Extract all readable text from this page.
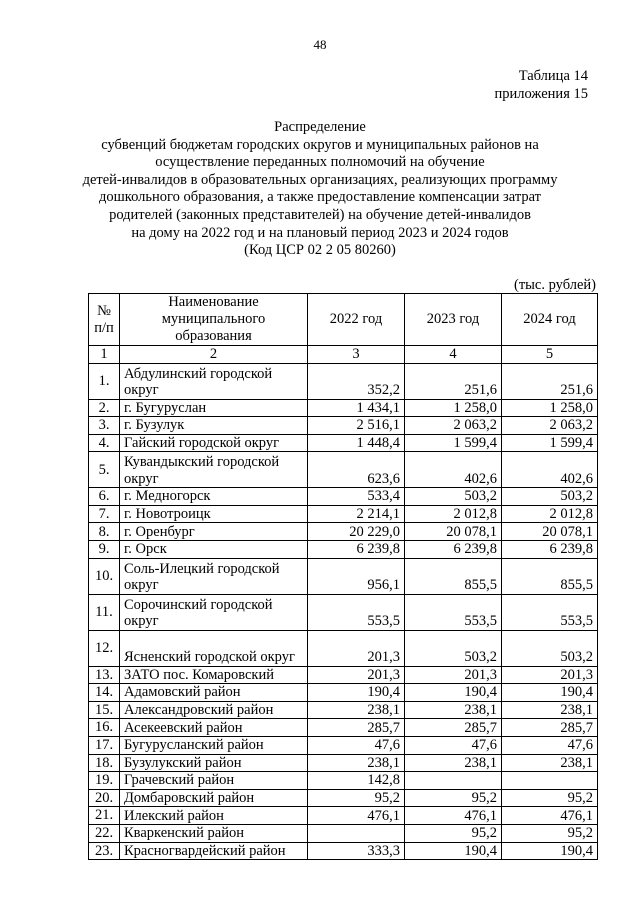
48
Таблица 14
приложения 15
Распределение
субвенций бюджетам городских округов и муниципальных районов на
осуществление переданных полномочий на обучение
детей-инвалидов в образовательных организациях, реализующих программу
дошкольного образования, а также предоставление компенсации затрат
родителей (законных представителей) на обучение детей-инвалидов
на дому на 2022 год и на плановый период 2023 и 2024 годов
(Код ЦСР 02 2 05 80260)
(тыс. рублей)
№ п/п	Наименование муниципального образования	2022 год	2023 год	2024 год
1	2	3	4	5
1.	Абдулинский городской округ	352,2	251,6	251,6
2.	г. Бугуруслан	1 434,1	1 258,0	1 258,0
3.	г. Бузулук	2 516,1	2 063,2	2 063,2
4.	Гайский городской округ	1 448,4	1 599,4	1 599,4
5.	Кувандыкский городской округ	623,6	402,6	402,6
6.	г. Медногорск	533,4	503,2	503,2
7.	г. Новотроицк	2 214,1	2 012,8	2 012,8
8.	г. Оренбург	20 229,0	20 078,1	20 078,1
9.	г. Орск	6 239,8	6 239,8	6 239,8
10.	Соль-Илецкий городской округ	956,1	855,5	855,5
11.	Сорочинский городской округ	553,5	553,5	553,5
12.	Ясненский городской округ	201,3	503,2	503,2
13.	ЗАТО пос. Комаровский	201,3	201,3	201,3
14.	Адамовский район	190,4	190,4	190,4
15.	Александровский район	238,1	238,1	238,1
16.	Асекеевский район	285,7	285,7	285,7
17.	Бугурусланский район	47,6	47,6	47,6
18.	Бузулукский район	238,1	238,1	238,1
19.	Грачевский район	142,8		
20.	Домбаровский район	95,2	95,2	95,2
21.	Илекский район	476,1	476,1	476,1
22.	Кваркенский район		95,2	95,2
23.	Красногвардейский район	333,3	190,4	190,4
